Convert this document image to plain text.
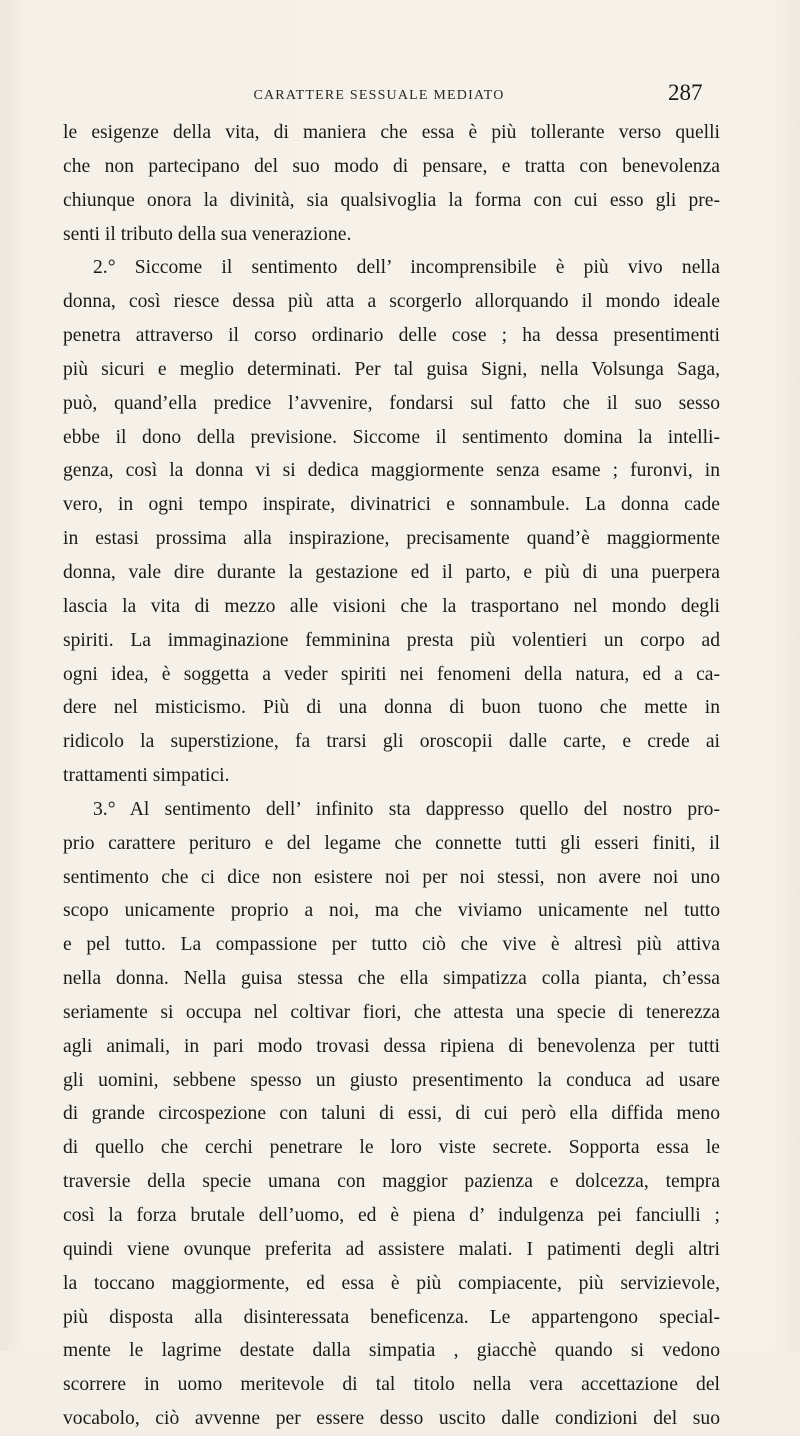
CARATTERE SESSUALE MEDIATO	287
le esigenze della vita, di maniera che essa è più tollerante verso quelli
che non partecipano del suo modo di pensare, e tratta con benevolenza
chiunque onora la divinità, sia qualsivoglia la forma con cui esso gli pre-
senti il tributo della sua venerazione.
2.° Siccome il sentimento dell’ incomprensibile è più vivo nella
donna, così riesce dessa più atta a scorgerlo allorquando il mondo ideale
penetra attraverso il corso ordinario delle cose ; ha dessa presentimenti
più sicuri e meglio determinati. Per tal guisa Signi, nella Volsunga Saga,
può, quand’ella predice l’avvenire, fondarsi sul fatto che il suo sesso
ebbe il dono della previsione. Siccome il sentimento domina la intelli-
genza, così la donna vi si dedica maggiormente senza esame ; furonvi, in
vero, in ogni tempo inspirate, divinatrici e sonnambule. La donna cade
in estasi prossima alla inspirazione, precisamente quand’è maggiormente
donna, vale dire durante la gestazione ed il parto, e più di una puerpera
lascia la vita di mezzo alle visioni che la trasportano nel mondo degli
spiriti. La immaginazione femminina presta più volentieri un corpo ad
ogni idea, è soggetta a veder spiriti nei fenomeni della natura, ed a ca-
dere nel misticismo. Più di una donna di buon tuono che mette in
ridicolo la superstizione, fa trarsi gli oroscopii dalle carte, e crede ai
trattamenti simpatici.
3.° Al sentimento dell’ infinito sta dappresso quello del nostro pro-
prio carattere perituro e del legame che connette tutti gli esseri finiti, il
sentimento che ci dice non esistere noi per noi stessi, non avere noi uno
scopo unicamente proprio a noi, ma che viviamo unicamente nel tutto
e pel tutto. La compassione per tutto ciò che vive è altresì più attiva
nella donna. Nella guisa stessa che ella simpatizza colla pianta, ch’essa
seriamente si occupa nel coltivar fiori, che attesta una specie di tenerezza
agli animali, in pari modo trovasi dessa ripiena di benevolenza per tutti
gli uomini, sebbene spesso un giusto presentimento la conduca ad usare
di grande circospezione con taluni di essi, di cui però ella diffida meno
di quello che cerchi penetrare le loro viste secrete. Sopporta essa le
traversie della specie umana con maggior pazienza e dolcezza, tempra
così la forza brutale dell’uomo, ed è piena d’ indulgenza pei fanciulli ;
quindi viene ovunque preferita ad assistere malati. I patimenti degli altri
la toccano maggiormente, ed essa è più compiacente, più servizievole,
più disposta alla disinteressata beneficenza. Le appartengono special-
mente le lagrime destate dalla simpatia , giacchè quando si vedono
scorrere in uomo meritevole di tal titolo nella vera accettazione del
vocabolo, ciò avvenne per essere desso uscito dalle condizioni del suo
